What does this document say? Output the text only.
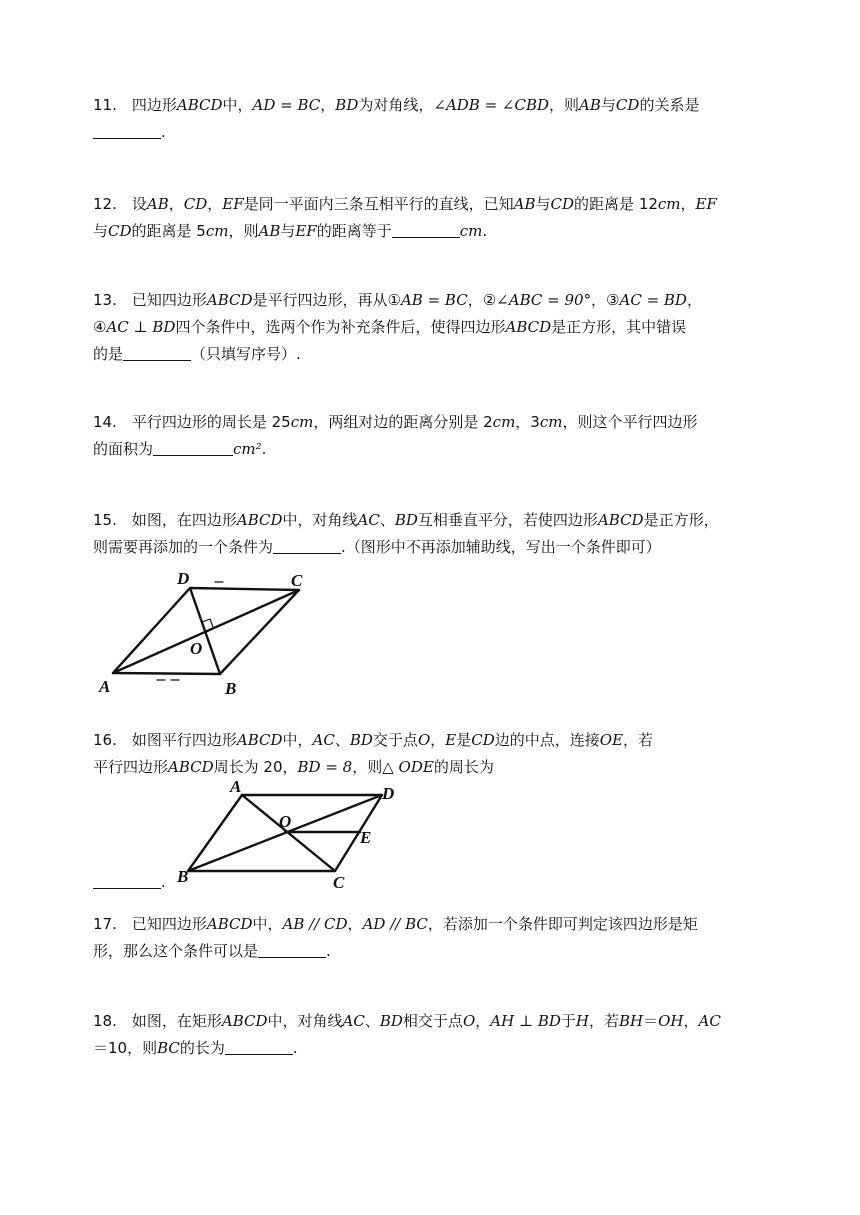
11.  四边形ABCD中，AD = BC，BD为对角线，∠ADB = ∠CBD，则AB与CD的关系是

.

12.  设AB，CD，EF是同一平面内三条互相平行的直线，已知AB与CD的距离是 12cm，EF

与CD的距离是 5cm，则AB与EF的距离等于	cm.

13.  已知四边形ABCD是平行四边形，再从①AB = BC，②∠ABC = 90°，③AC = BD，

④AC ⊥ BD四个条件中，选两个作为补充条件后，使得四边形ABCD是正方形，其中错误

的是	（只填写序号）.

14.  平行四边形的周长是 25cm，两组对边的距离分别是 2cm，3cm，则这个平行四边形

的面积为	cm².

15.  如图，在四边形ABCD中，对角线AC、BD互相垂直平分，若使四边形ABCD是正方形，

则需要再添加的一个条件为	.（图形中不再添加辅助线，写出一个条件即可）

16.  如图平行四边形ABCD中，AC、BD交于点O，E是CD边的中点，连接OE，若

平行四边形ABCD周长为 20，BD = 8，则△ ODE的周长为

.

17.  已知四边形ABCD中，AB // CD，AD // BC，若添加一个条件即可判定该四边形是矩

形，那么这个条件可以是	.

18.  如图，在矩形ABCD中，对角线AC、BD相交于点O，AH ⊥ BD于H，若BH＝OH，AC

＝10，则BC的长为	.

D	C
O
A	B
A	D
O
E
B	C
